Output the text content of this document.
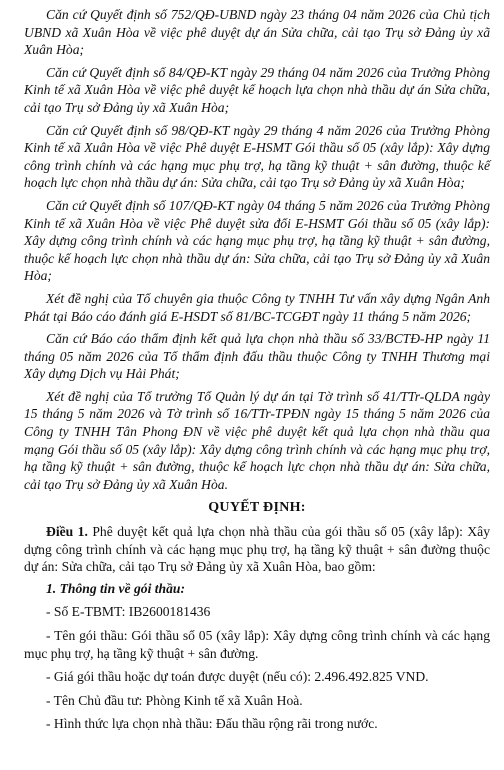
Căn cứ Quyết định số 752/QĐ-UBND ngày 23 tháng 04 năm 2026 của Chủ tịch UBND xã Xuân Hòa về việc phê duyệt dự án Sửa chữa, cải tạo Trụ sở Đảng ủy xã Xuân Hòa;

Căn cứ Quyết định số 84/QĐ-KT ngày 29 tháng 04 năm 2026 của Trưởng Phòng Kinh tế xã Xuân Hòa về việc phê duyệt kế hoạch lựa chọn nhà thầu dự án Sửa chữa, cải tạo Trụ sở Đảng ủy xã Xuân Hòa;

Căn cứ Quyết định số 98/QĐ-KT ngày 29 tháng 4 năm 2026 của Trưởng Phòng Kinh tế xã Xuân Hòa về việc Phê duyệt E-HSMT Gói thầu số 05 (xây lắp): Xây dựng công trình chính và các hạng mục phụ trợ, hạ tầng kỹ thuật + sân đường, thuộc kế hoạch lực chọn nhà thầu dự án: Sửa chữa, cải tạo Trụ sở Đảng ủy xã Xuân Hòa;

Căn cứ Quyết định số 107/QĐ-KT ngày 04 tháng 5 năm 2026 của Trưởng Phòng Kinh tế xã Xuân Hòa về việc Phê duyệt sửa đổi E-HSMT Gói thầu số 05 (xây lắp): Xây dựng công trình chính và các hạng mục phụ trợ, hạ tầng kỹ thuật + sân đường, thuộc kế hoạch lực chọn nhà thầu dự án: Sửa chữa, cải tạo Trụ sở Đảng ủy xã Xuân Hòa;

Xét đề nghị của Tổ chuyên gia thuộc Công ty TNHH Tư vấn xây dựng Ngân Anh Phát tại Báo cáo đánh giá E-HSDT số 81/BC-TCGĐT ngày 11 tháng 5 năm 2026;

Căn cứ Báo cáo thẩm định kết quả lựa chọn nhà thầu số 33/BCTĐ-HP ngày 11 tháng 05 năm 2026 của Tổ thẩm định đấu thầu thuộc Công ty TNHH Thương mại Xây dựng Dịch vụ Hải Phát;

Xét đề nghị của Tổ trưởng Tổ Quản lý dự án tại Tờ trình số 41/TTr-QLDA ngày 15 tháng 5 năm 2026 và Tờ trình số 16/TTr-TPĐN ngày 15 tháng 5 năm 2026 của Công ty TNHH Tân Phong ĐN về việc phê duyệt kết quả lựa chọn nhà thầu qua mạng Gói thầu số 05 (xây lắp): Xây dựng công trình chính và các hạng mục phụ trợ, hạ tầng kỹ thuật + sân đường, thuộc kế hoạch lực chọn nhà thầu dự án: Sửa chữa, cải tạo Trụ sở Đảng ủy xã Xuân Hòa.

QUYẾT ĐỊNH:

Điều 1. Phê duyệt kết quả lựa chọn nhà thầu của gói thầu số 05 (xây lắp): Xây dựng công trình chính và các hạng mục phụ trợ, hạ tầng kỹ thuật + sân đường thuộc dự án: Sửa chữa, cải tạo Trụ sở Đảng ủy xã Xuân Hòa, bao gồm:

1. Thông tin về gói thầu:

- Số E-TBMT: IB2600181436

- Tên gói thầu: Gói thầu số 05 (xây lắp): Xây dựng công trình chính và các hạng mục phụ trợ, hạ tầng kỹ thuật + sân đường.

- Giá gói thầu hoặc dự toán được duyệt (nếu có): 2.496.492.825 VND.

- Tên Chủ đầu tư: Phòng Kinh tế xã Xuân Hoà.

- Hình thức lựa chọn nhà thầu: Đấu thầu rộng rãi trong nước.
